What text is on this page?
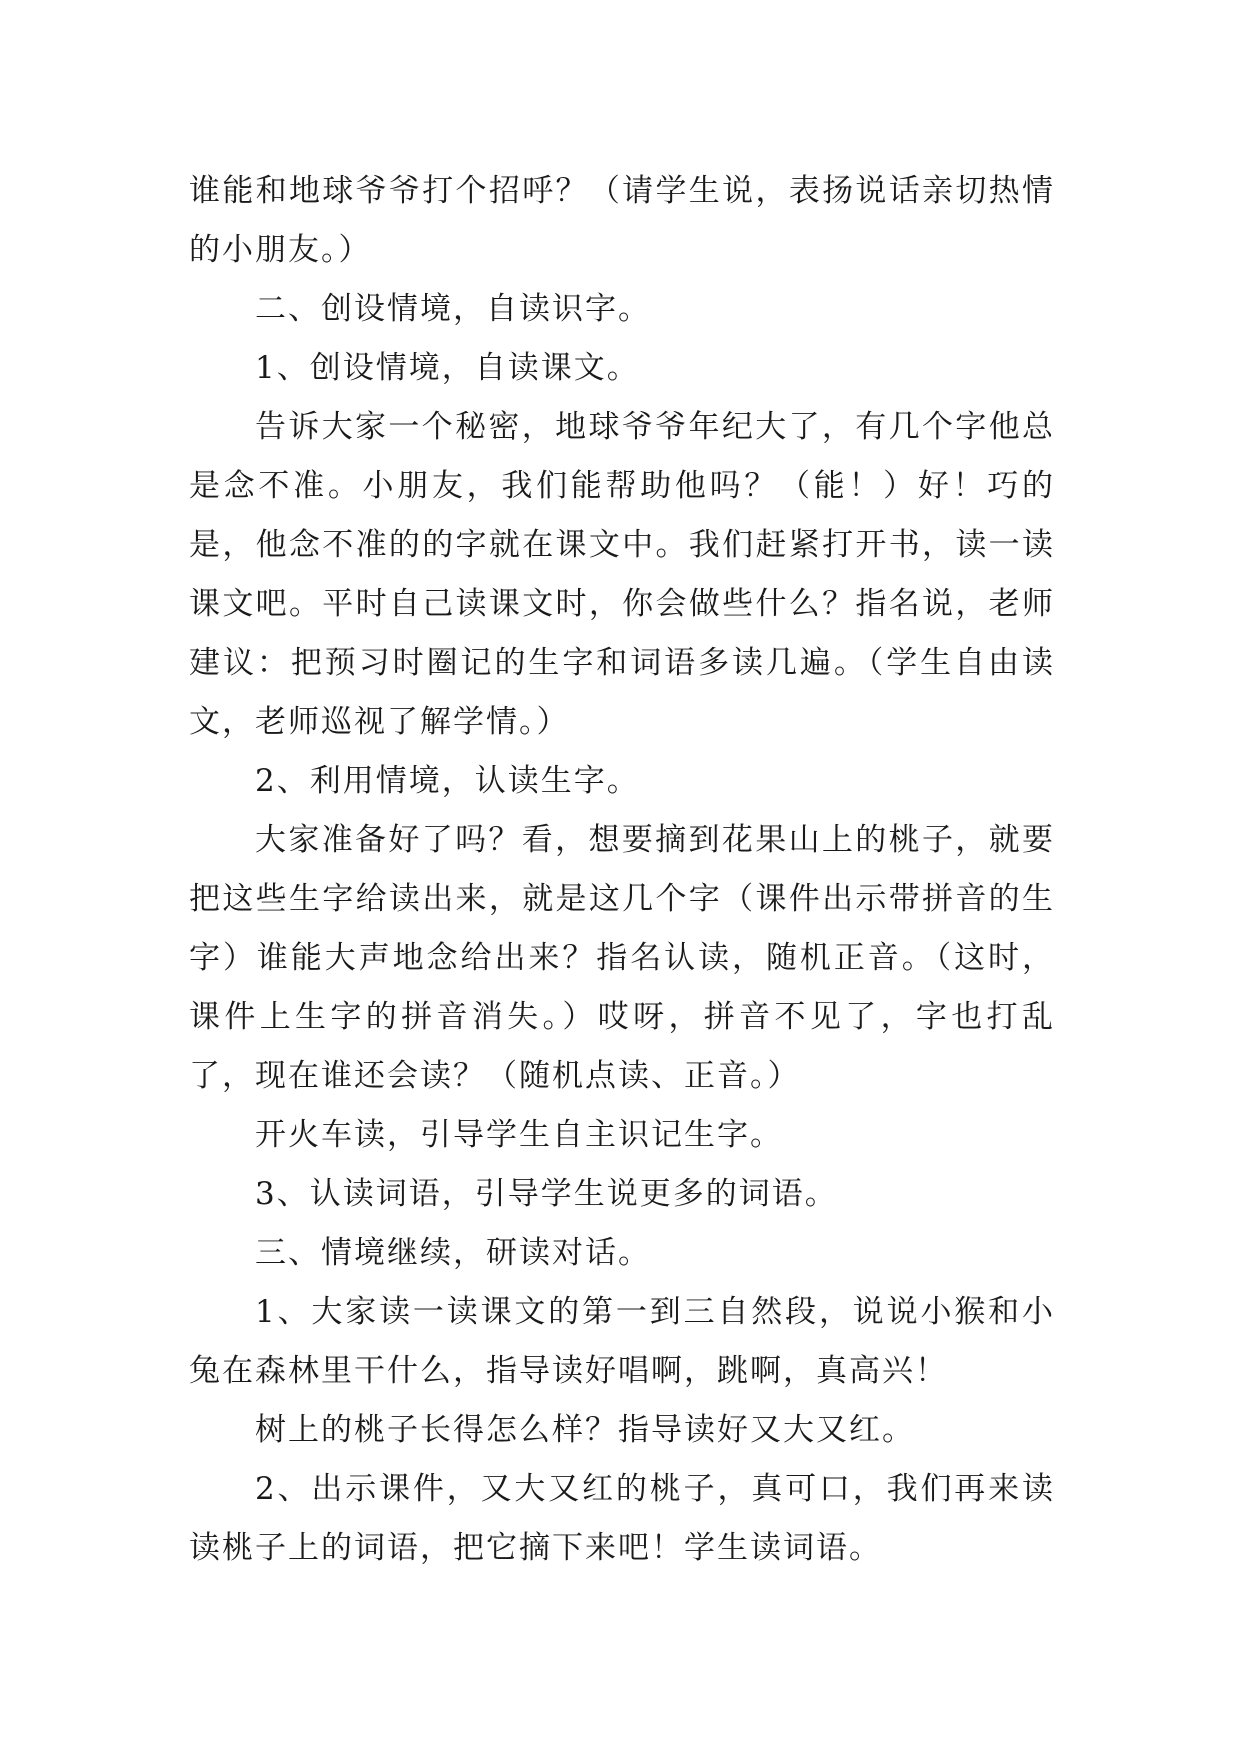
谁能和地球爷爷打个招呼？（请学生说，表扬说话亲切热情的小朋友。）

二、创设情境，自读识字。

1、创设情境，自读课文。

告诉大家一个秘密，地球爷爷年纪大了，有几个字他总是念不准。小朋友，我们能帮助他吗？（能！）好！巧的是，他念不准的的字就在课文中。我们赶紧打开书，读一读课文吧。平时自己读课文时，你会做些什么？指名说，老师建议：把预习时圈记的生字和词语多读几遍。（学生自由读文，老师巡视了解学情。）

2、利用情境，认读生字。

大家准备好了吗？看，想要摘到花果山上的桃子，就要把这些生字给读出来，就是这几个字（课件出示带拼音的生字）谁能大声地念给出来？指名认读，随机正音。（这时，课件上生字的拼音消失。）哎呀，拼音不见了，字也打乱了，现在谁还会读？（随机点读、正音。）

开火车读，引导学生自主识记生字。

3、认读词语，引导学生说更多的词语。

三、情境继续，研读对话。

1、大家读一读课文的第一到三自然段，说说小猴和小兔在森林里干什么，指导读好唱啊，跳啊，真高兴！

树上的桃子长得怎么样？指导读好又大又红。

2、出示课件，又大又红的桃子，真可口，我们再来读读桃子上的词语，把它摘下来吧！学生读词语。
